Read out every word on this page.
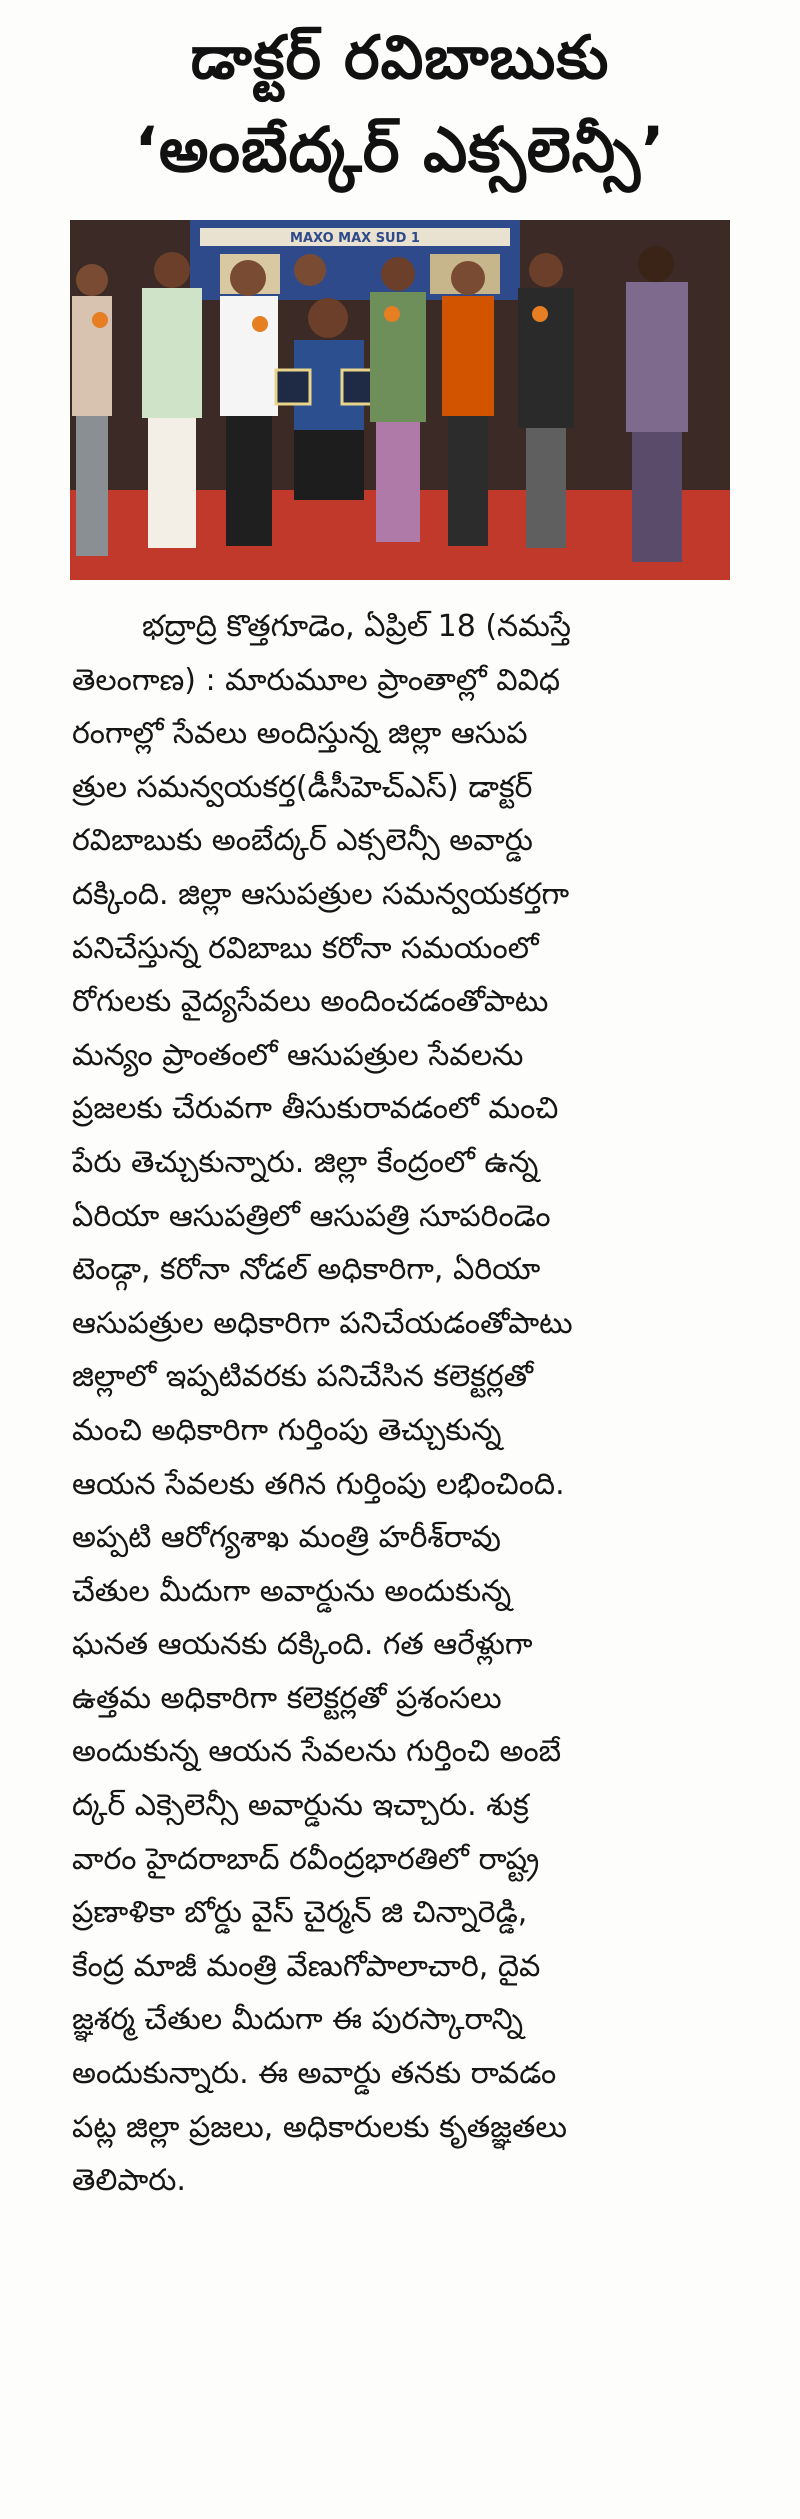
డాక్టర్ రవిబాబుకు
‘అంబేద్కర్ ఎక్సలెన్సీ’
MAXO MAX SUD 1
భద్రాద్రి కొత్తగూడెం, ఏప్రిల్ 18 (నమస్తే
తెలంగాణ) : మారుమూల ప్రాంతాల్లో వివిధ
రంగాల్లో సేవలు అందిస్తున్న జిల్లా ఆసుప
త్రుల సమన్వయకర్త(డీసీహెచ్ఎస్) డాక్టర్
రవిబాబుకు అంబేద్కర్ ఎక్సలెన్సీ అవార్డు
దక్కింది. జిల్లా ఆసుపత్రుల సమన్వయకర్తగా
పనిచేస్తున్న రవిబాబు కరోనా సమయంలో
రోగులకు వైద్యసేవలు అందించడంతోపాటు
మన్యం ప్రాంతంలో ఆసుపత్రుల సేవలను
ప్రజలకు చేరువగా తీసుకురావడంలో మంచి
పేరు తెచ్చుకున్నారు. జిల్లా కేంద్రంలో ఉన్న
ఏరియా ఆసుపత్రిలో ఆసుపత్రి సూపరిండెం
టెండ్గా, కరోనా నోడల్ అధికారిగా, ఏరియా
ఆసుపత్రుల అధికారిగా పనిచేయడంతోపాటు
జిల్లాలో ఇప్పటివరకు పనిచేసిన కలెక్టర్లతో
మంచి అధికారిగా గుర్తింపు తెచ్చుకున్న
ఆయన సేవలకు తగిన గుర్తింపు లభించింది.
అప్పటి ఆరోగ్యశాఖ మంత్రి హరీశ్‌రావు
చేతుల మీదుగా అవార్డును అందుకున్న
ఘనత ఆయనకు దక్కింది. గత ఆరేళ్లుగా
ఉత్తమ అధికారిగా కలెక్టర్లతో ప్రశంసలు
అందుకున్న ఆయన సేవలను గుర్తించి అంబే
ద్కర్ ఎక్సెలెన్సీ అవార్డును ఇచ్చారు. శుక్ర
వారం హైదరాబాద్ రవీంద్రభారతిలో రాష్ట్ర
ప్రణాళికా బోర్డు వైస్ చైర్మన్ జి చిన్నారెడ్డి,
కేంద్ర మాజీ మంత్రి వేణుగోపాలాచారి, దైవ
జ్ఞశర్మ చేతుల మీదుగా ఈ పురస్కారాన్ని
అందుకున్నారు. ఈ అవార్డు తనకు రావడం
పట్ల జిల్లా ప్రజలు, అధికారులకు కృతజ్ఞతలు
తెలిపారు.
